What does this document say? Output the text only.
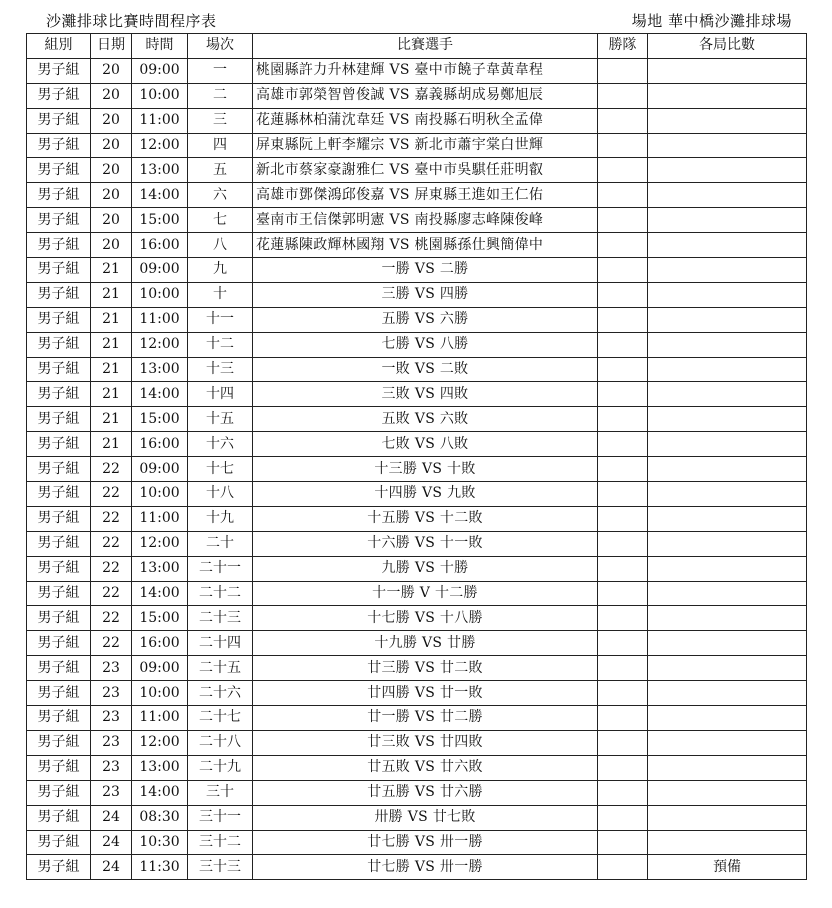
沙灘排球比賽時間程序表	場地 華中橋沙灘排球場
組別	日期	時間	場次	比賽選手	勝隊	各局比數
男子組	20	09:00	一	桃園縣許力升林建輝 VS 臺中市饒子韋黃韋程		
男子組	20	10:00	二	高雄市郭榮智曾俊誠 VS 嘉義縣胡成易鄭旭辰		
男子組	20	11:00	三	花蓮縣林柏蒲沈韋廷 VS 南投縣石明秋全孟偉		
男子組	20	12:00	四	屏東縣阮上軒李耀宗 VS 新北市蕭宇棠白世輝		
男子組	20	13:00	五	新北市蔡家豪謝雅仁 VS 臺中市吳騏任莊明叡		
男子組	20	14:00	六	高雄市鄧傑鴻邱俊嘉 VS 屏東縣王進如王仁佑		
男子組	20	15:00	七	臺南市王信傑郭明憲 VS 南投縣廖志峰陳俊峰		
男子組	20	16:00	八	花蓮縣陳政輝林國翔 VS 桃園縣孫仕興簡偉中		
男子組	21	09:00	九	一勝 VS 二勝		
男子組	21	10:00	十	三勝 VS 四勝		
男子組	21	11:00	十一	五勝 VS 六勝		
男子組	21	12:00	十二	七勝 VS 八勝		
男子組	21	13:00	十三	一敗 VS 二敗		
男子組	21	14:00	十四	三敗 VS 四敗		
男子組	21	15:00	十五	五敗 VS 六敗		
男子組	21	16:00	十六	七敗 VS 八敗		
男子組	22	09:00	十七	十三勝 VS 十敗		
男子組	22	10:00	十八	十四勝 VS 九敗		
男子組	22	11:00	十九	十五勝 VS 十二敗		
男子組	22	12:00	二十	十六勝 VS 十一敗		
男子組	22	13:00	二十一	九勝 VS 十勝		
男子組	22	14:00	二十二	十一勝 V 十二勝		
男子組	22	15:00	二十三	十七勝 VS 十八勝		
男子組	22	16:00	二十四	十九勝 VS 廿勝		
男子組	23	09:00	二十五	廿三勝 VS 廿二敗		
男子組	23	10:00	二十六	廿四勝 VS 廿一敗		
男子組	23	11:00	二十七	廿一勝 VS 廿二勝		
男子組	23	12:00	二十八	廿三敗 VS 廿四敗		
男子組	23	13:00	二十九	廿五敗 VS 廿六敗		
男子組	23	14:00	三十	廿五勝 VS 廿六勝		
男子組	24	08:30	三十一	卅勝 VS 廿七敗		
男子組	24	10:30	三十二	廿七勝 VS 卅一勝		
男子組	24	11:30	三十三	廿七勝 VS 卅一勝		預備
